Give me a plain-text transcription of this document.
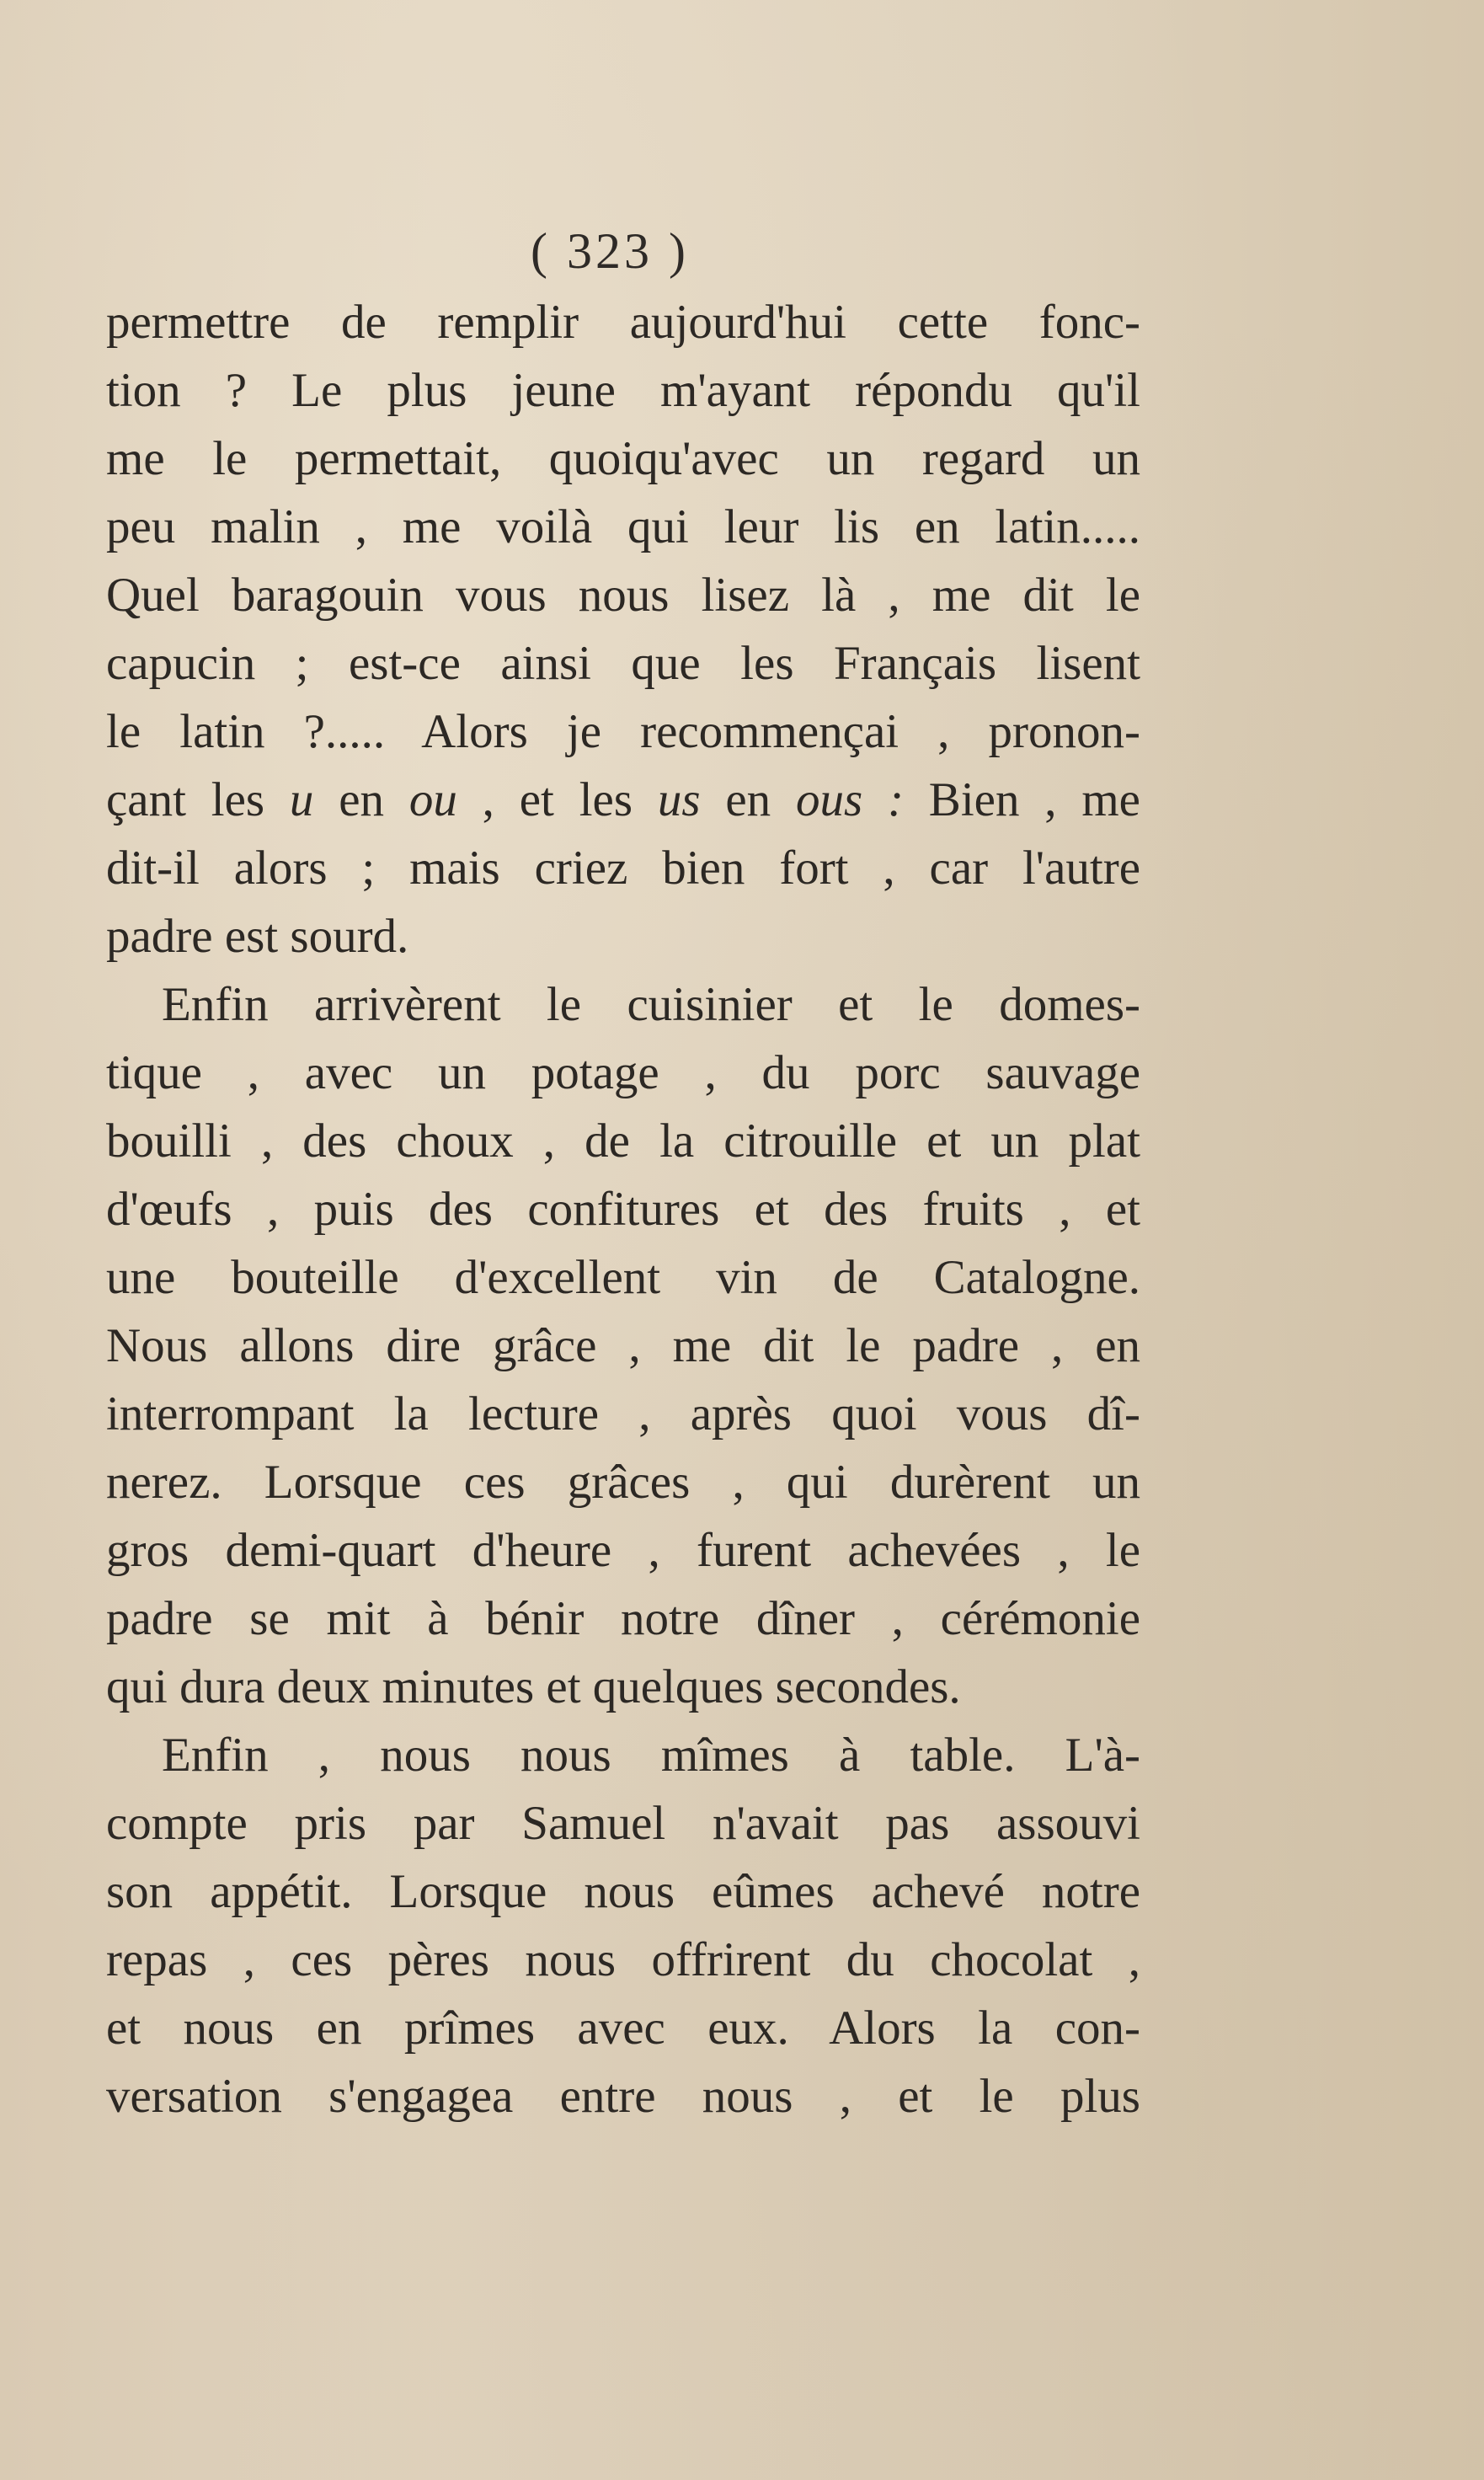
( 323 )
permettre de remplir aujourd'hui cette fonc-
tion ? Le plus jeune m'ayant répondu qu'il
me le permettait, quoiqu'avec un regard un
peu malin , me voilà qui leur lis en latin.....
Quel baragouin vous nous lisez là , me dit le
capucin ; est-ce ainsi que les Français lisent
le latin ?..... Alors je recommençai , pronon-
çant les u en ou , et les us en ous : Bien , me
dit-il alors ; mais criez bien fort , car l'autre
padre est sourd.
Enfin arrivèrent le cuisinier et le domes-
tique , avec un potage , du porc sauvage
bouilli , des choux , de la citrouille et un plat
d'œufs , puis des confitures et des fruits , et
une bouteille d'excellent vin de Catalogne.
Nous allons dire grâce , me dit le padre , en
interrompant la lecture , après quoi vous dî-
nerez. Lorsque ces grâces , qui durèrent un
gros demi-quart d'heure , furent achevées , le
padre se mit à bénir notre dîner , cérémonie
qui dura deux minutes et quelques secondes.
Enfin , nous nous mîmes à table. L'à-
compte pris par Samuel n'avait pas assouvi
son appétit. Lorsque nous eûmes achevé notre
repas , ces pères nous offrirent du chocolat ,
et nous en prîmes avec eux. Alors la con-
versation s'engagea entre nous , et le plus
